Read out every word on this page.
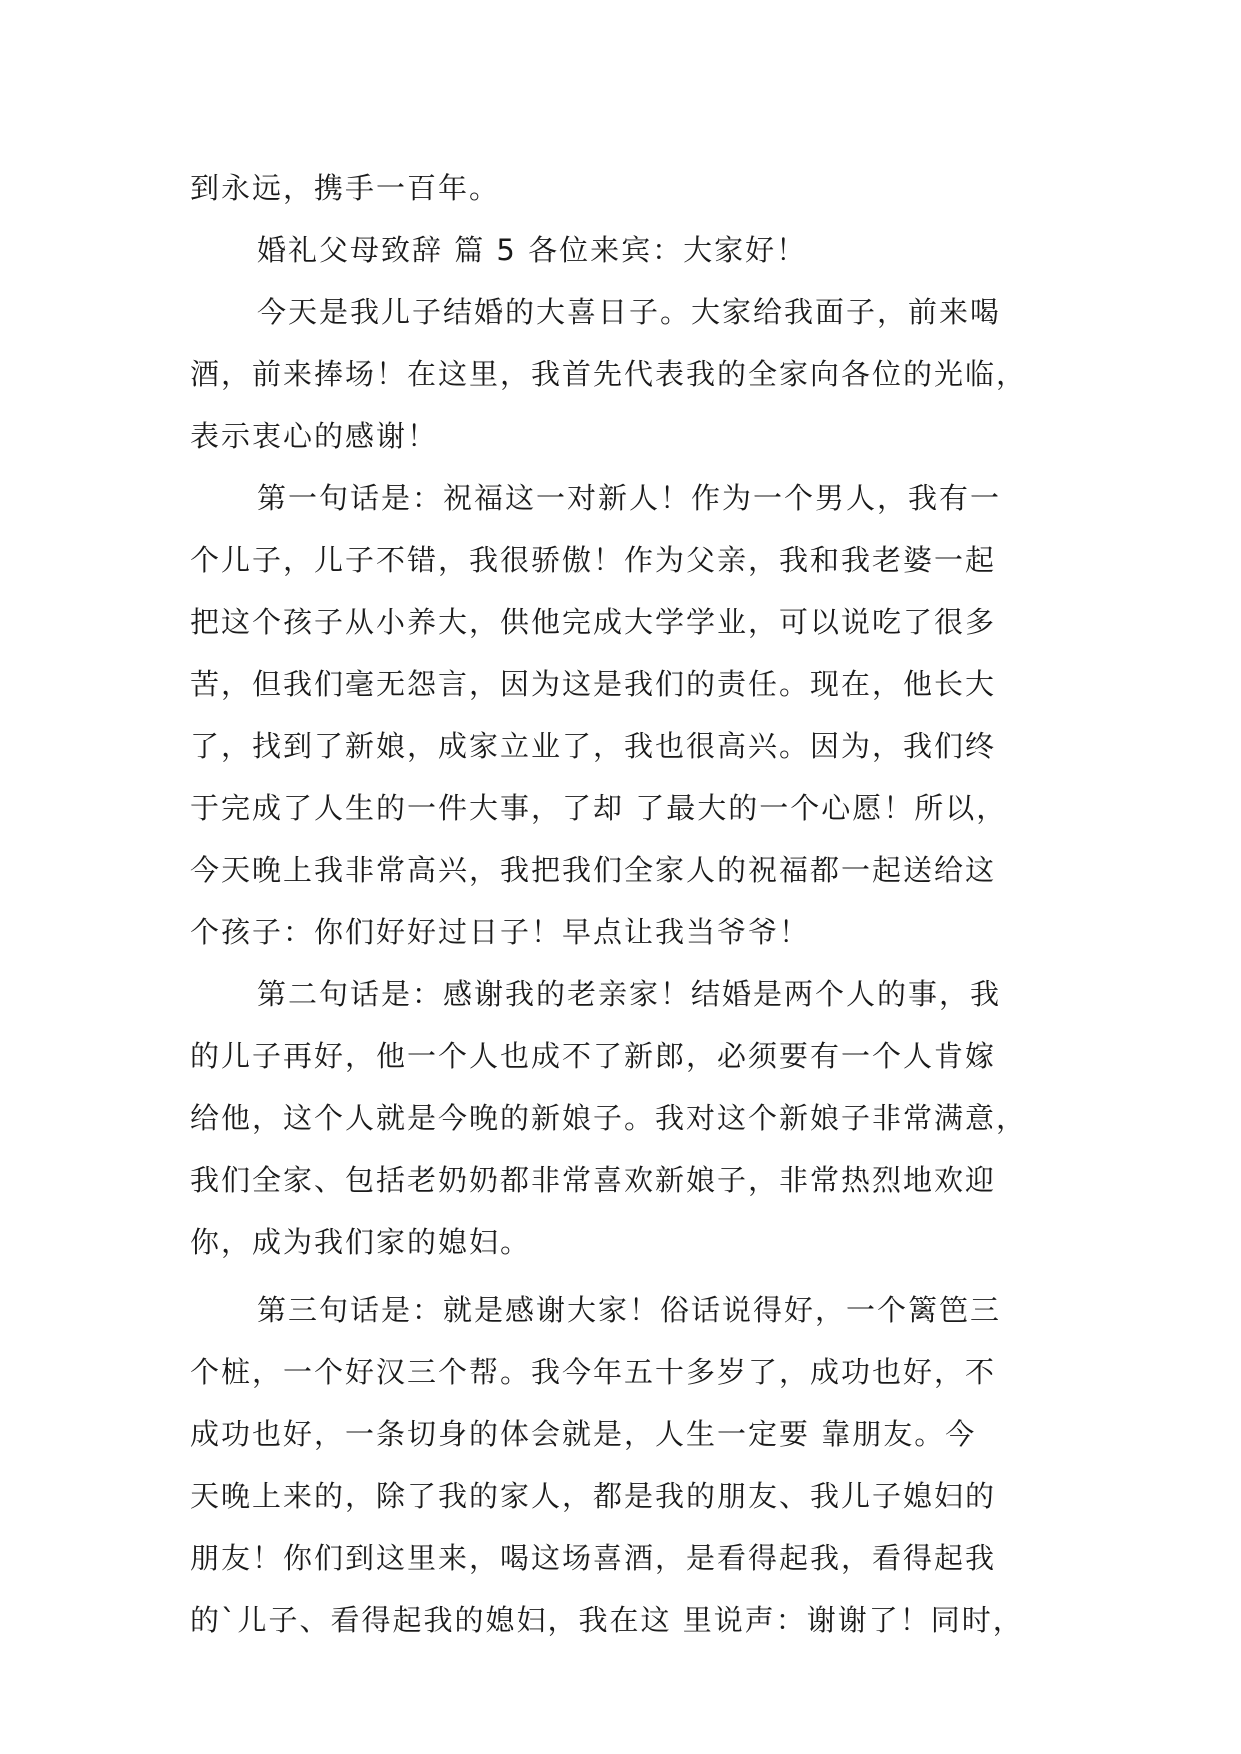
到永远，携手一百年。
婚礼父母致辞 篇 5 各位来宾：大家好！
今天是我儿子结婚的大喜日子。大家给我面子，前来喝
酒，前来捧场！在这里，我首先代表我的全家向各位的光临，
表示衷心的感谢！
第一句话是：祝福这一对新人！作为一个男人，我有一
个儿子，儿子不错，我很骄傲！作为父亲，我和我老婆一起
把这个孩子从小养大，供他完成大学学业，可以说吃了很多
苦，但我们毫无怨言，因为这是我们的责任。现在，他长大
了，找到了新娘，成家立业了，我也很高兴。因为，我们终
于完成了人生的一件大事，了却 了最大的一个心愿！所以，
今天晚上我非常高兴，我把我们全家人的祝福都一起送给这
个孩子：你们好好过日子！早点让我当爷爷！
第二句话是：感谢我的老亲家！结婚是两个人的事，我
的儿子再好，他一个人也成不了新郎，必须要有一个人肯嫁
给他，这个人就是今晚的新娘子。我对这个新娘子非常满意，
我们全家、包括老奶奶都非常喜欢新娘子，非常热烈地欢迎
你，成为我们家的媳妇。
第三句话是：就是感谢大家！俗话说得好，一个篱笆三
个桩，一个好汉三个帮。我今年五十多岁了，成功也好，不
成功也好，一条切身的体会就是，人生一定要 靠朋友。今
天晚上来的，除了我的家人，都是我的朋友、我儿子媳妇的
朋友！你们到这里来，喝这场喜酒，是看得起我，看得起我
的`儿子、看得起我的媳妇，我在这 里说声：谢谢了！同时，
